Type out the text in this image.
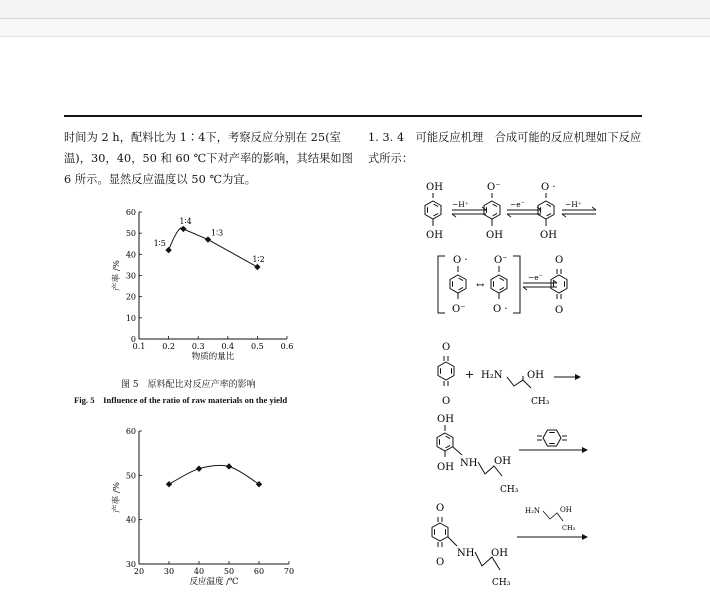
时间为 2 h，配料比为 1∶4下，考察反应分别在 25(室温)，30，40，50 和 60 ℃下对产率的影响，其结果如图 6 所示。显然反应温度以 50 ℃为宜。
1. 3. 4　可能反应机理　合成可能的反应机理如下反应式所示：
图 5　原料配比对反应产率的影响
Fig. 5　Influence of the ratio of raw materials on the yield
0
10
20
30
40
50
60
0.1 0.2 0.3 0.4 0.5 0.6
物质的量比
产率 /%
1∶5
1∶4
1∶3
1∶2
30
40
50
60
20 30 40 50 60 70
反应温度 /℃
产率 /%
OH
OH
−H⁺
O⁻
OH
−e⁻
O ·
OH
−H⁺
O ·
O⁻
↔
O⁻
O ·
−e⁻
O
O
O
O
+ H₂N OH
CH₃
OH
OH NH OH
CH₃
O
O
NH OH
CH₃
H₂N	OH
CH₃
